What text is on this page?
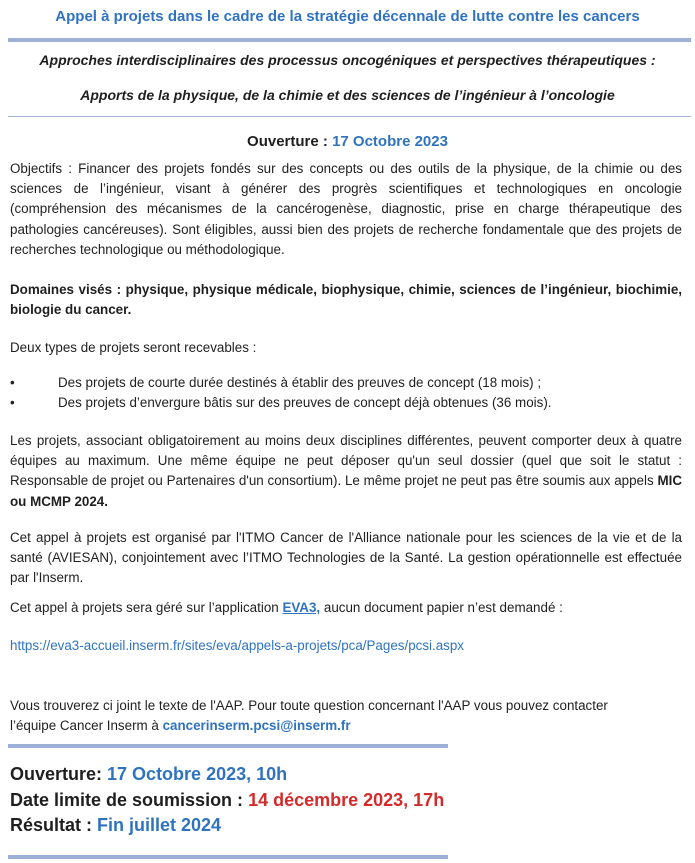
Appel à projets dans le cadre de la stratégie décennale de lutte contre les cancers
Approches interdisciplinaires des processus oncogéniques et perspectives thérapeutiques :
Apports de la physique, de la chimie et des sciences de l’ingénieur à l’oncologie
Ouverture : 17 Octobre 2023
Objectifs : Financer des projets fondés sur des concepts ou des outils de la physique, de la chimie ou des sciences de l’ingénieur, visant à générer des progrès scientifiques et technologiques en oncologie (compréhension des mécanismes de la cancérogenèse, diagnostic, prise en charge thérapeutique des pathologies cancéreuses). Sont éligibles, aussi bien des projets de recherche fondamentale que des projets de recherches technologique ou méthodologique.
Domaines visés : physique, physique médicale, biophysique, chimie, sciences de l’ingénieur, biochimie, biologie du cancer.
Deux types de projets seront recevables :
•	Des projets de courte durée destinés à établir des preuves de concept (18 mois) ;
•	Des projets d’envergure bâtis sur des preuves de concept déjà obtenues (36 mois).
Les projets, associant obligatoirement au moins deux disciplines différentes, peuvent comporter deux à quatre équipes au maximum. Une même équipe ne peut déposer qu'un seul dossier (quel que soit le statut : Responsable de projet ou Partenaires d'un consortium). Le même projet ne peut pas être soumis aux appels MIC ou MCMP 2024.
Cet appel à projets est organisé par l'ITMO Cancer de l'Alliance nationale pour les sciences de la vie et de la santé (AVIESAN), conjointement avec l’ITMO Technologies de la Santé. La gestion opérationnelle est effectuée par l'Inserm.
Cet appel à projets sera géré sur l’application EVA3, aucun document papier n’est demandé :
https://eva3-accueil.inserm.fr/sites/eva/appels-a-projets/pca/Pages/pcsi.aspx
Vous trouverez ci joint le texte de l'AAP. Pour toute question concernant l'AAP vous pouvez contacter
l’équipe Cancer Inserm à cancerinserm.pcsi@inserm.fr
Ouverture: 17 Octobre 2023, 10h
Date limite de soumission : 14 décembre 2023, 17h
Résultat : Fin juillet 2024
